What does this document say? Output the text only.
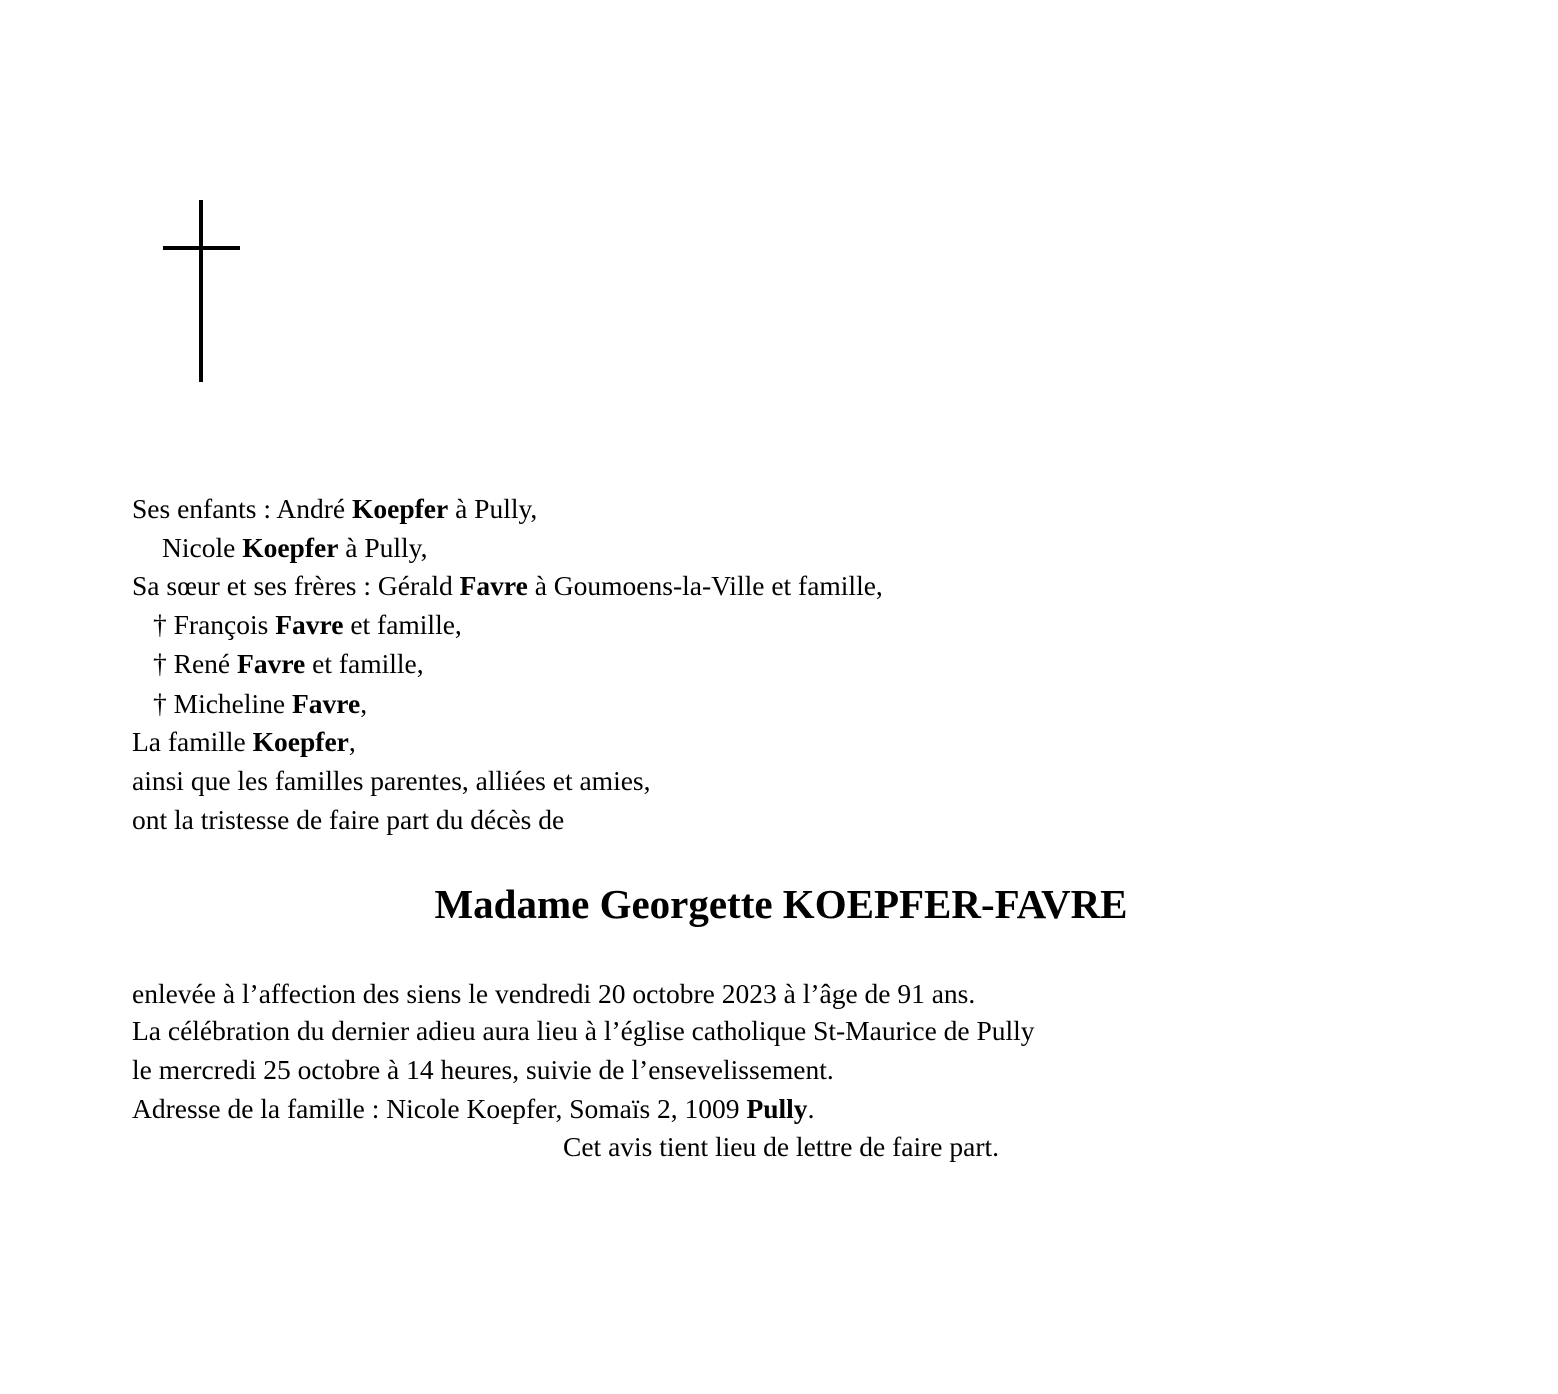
Ses enfants : André Koepfer à Pully,
Nicole Koepfer à Pully,
Sa sœur et ses frères : Gérald Favre à Goumoens-la-Ville et famille,
† François Favre et famille,
† René Favre et famille,
† Micheline Favre,
La famille Koepfer,
ainsi que les familles parentes, alliées et amies,
ont la tristesse de faire part du décès de
Madame Georgette KOEPFER-FAVRE
enlevée à l’affection des siens le vendredi 20 octobre 2023 à l’âge de 91 ans.
La célébration du dernier adieu aura lieu à l’église catholique St-Maurice de Pully
le mercredi 25 octobre à 14 heures, suivie de l’ensevelissement.
Adresse de la famille : Nicole Koepfer, Somaïs 2, 1009 Pully.
Cet avis tient lieu de lettre de faire part.
